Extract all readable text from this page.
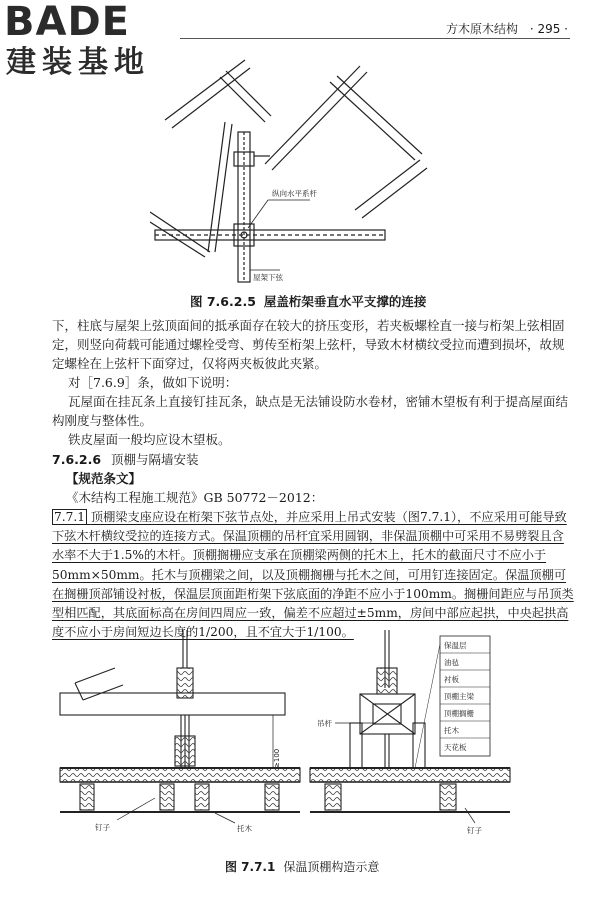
BADE
建装基地
方木原木结构 · 295 ·
纵向水平系杆
屋架下弦
图 7.6.2.5 屋盖桁架垂直水平支撑的连接
下，柱底与屋架上弦顶面间的抵承面存在较大的挤压变形，若夹板螺栓直一接与桁架上弦相固定，则竖向荷载可能通过螺栓受弯、剪传至桁架上弦杆，导致木材横纹受拉而遭到损坏，故规定螺栓在上弦杆下面穿过，仅将两夹板彼此夹紧。
对［7.6.9］条，做如下说明：
瓦屋面在挂瓦条上直接钉挂瓦条，缺点是无法铺设防水卷材，密铺木望板有利于提高屋面结构刚度与整体性。
铁皮屋面一般均应设木望板。
7.6.2.6 顶棚与隔墙安装
【规范条文】
《木结构工程施工规范》GB 50772－2012：
7.7.1 顶棚梁支座应设在桁架下弦节点处，并应采用上吊式安装（图7.7.1），不应采用可能导致下弦木杆横纹受拉的连接方式。保温顶棚的吊杆宜采用圆钢，非保温顶棚中可采用不易劈裂且含水率不大于1.5%的木杆。顶棚搁栅应支承在顶棚梁两侧的托木上，托木的截面尺寸不应小于50mm×50mm。托木与顶棚梁之间，以及顶棚搁栅与托木之间，可用钉连接固定。保温顶棚可在搁栅顶部铺设衬板，保温层顶面距桁架下弦底面的净距不应小于100mm。搁栅间距应与吊顶类型相匹配，其底面标高在房间四周应一致，偏差不应超过±5mm，房间中部应起拱，中央起拱高度不应小于房间短边长度的1/200，且不宜大于1/100。
≥100
吊杆
钉子	托木	钉子
保温层
油毡
衬板
顶棚主梁
顶棚搁栅
托木
天花板
图 7.7.1 保温顶棚构造示意
